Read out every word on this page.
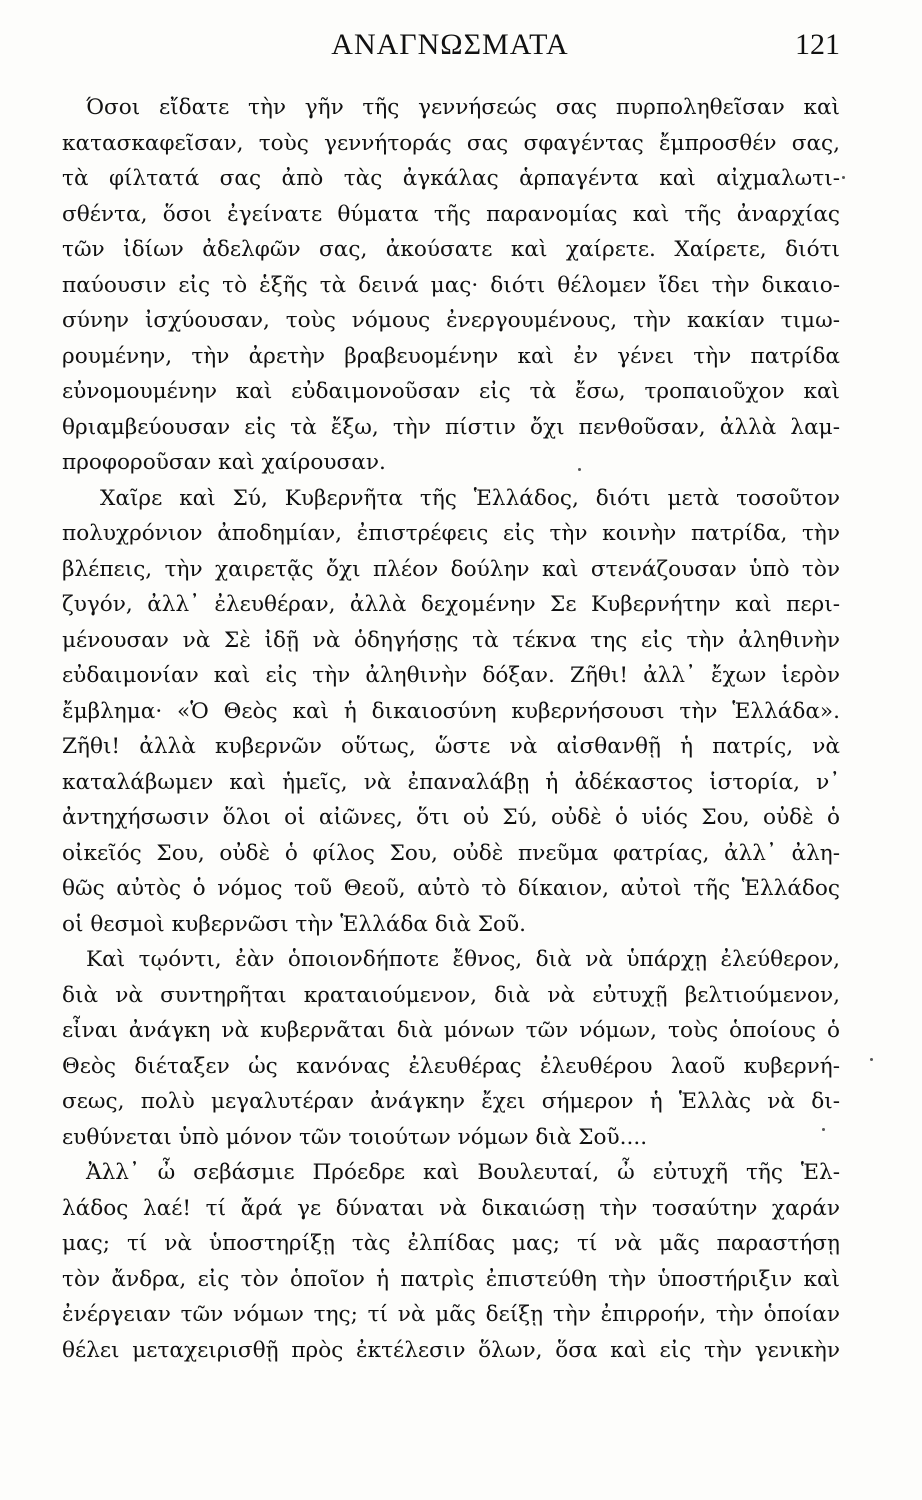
ΑΝΑΓΝΩΣΜΑΤΑ	121
Όσοι εἴδατε τὴν γῆν τῆς γεννήσεώς σας πυρποληθεῖσαν καὶ
κατασκαφεῖσαν, τοὺς γεννήτοράς σας σφαγέντας ἔμπροσθέν σας,
τὰ φίλτατά σας ἀπὸ τὰς ἀγκάλας ἁρπαγέντα καὶ αἰχμαλωτι-
σθέντα, ὅσοι ἐγείνατε θύματα τῆς παρανομίας καὶ τῆς ἀναρχίας
τῶν ἰδίων ἀδελφῶν σας, ἀκούσατε καὶ χαίρετε. Χαίρετε, διότι
παύουσιν εἰς τὸ ἑξῆς τὰ δεινά μας· διότι θέλομεν ἴδει τὴν δικαιο-
σύνην ἰσχύουσαν, τοὺς νόμους ἐνεργουμένους, τὴν κακίαν τιμω-
ρουμένην, τὴν ἀρετὴν βραβευομένην καὶ ἐν γένει τὴν πατρίδα
εὐνομουμένην καὶ εὐδαιμονοῦσαν εἰς τὰ ἔσω, τροπαιοῦχον καὶ
θριαμβεύουσαν εἰς τὰ ἔξω, τὴν πίστιν ὄχι πενθοῦσαν, ἀλλὰ λαμ-
προφοροῦσαν καὶ χαίρουσαν.
Χαῖρε καὶ Σύ, Κυβερνῆτα τῆς Ἑλλάδος, διότι μετὰ τοσοῦτον
πολυχρόνιον ἀποδημίαν, ἐπιστρέφεις εἰς τὴν κοινὴν πατρίδα, τὴν
βλέπεις, τὴν χαιρετᾷς ὄχι πλέον δούλην καὶ στενάζουσαν ὑπὸ τὸν
ζυγόν, ἀλλ᾽ ἐλευθέραν, ἀλλὰ δεχομένην Σε Κυβερνήτην καὶ περι-
μένουσαν νὰ Σὲ ἰδῇ νὰ ὁδηγήσῃς τὰ τέκνα της εἰς τὴν ἀληθινὴν
εὐδαιμονίαν καὶ εἰς τὴν ἀληθινὴν δόξαν. Ζῆθι! ἀλλ᾽ ἔχων ἱερὸν
ἔμβλημα· «Ὁ Θεὸς καὶ ἡ δικαιοσύνη κυβερνήσουσι τὴν Ἑλλάδα».
Ζῆθι! ἀλλὰ κυβερνῶν οὕτως, ὥστε νὰ αἰσθανθῇ ἡ πατρίς, νὰ
καταλάβωμεν καὶ ἡμεῖς, νὰ ἐπαναλάβῃ ἡ ἀδέκαστος ἱστορία, ν᾽
ἀντηχήσωσιν ὅλοι οἱ αἰῶνες, ὅτι οὐ Σύ, οὐδὲ ὁ υἱός Σου, οὐδὲ ὁ
οἰκεῖός Σου, οὐδὲ ὁ φίλος Σου, οὐδὲ πνεῦμα φατρίας, ἀλλ᾽ ἀλη-
θῶς αὐτὸς ὁ νόμος τοῦ Θεοῦ, αὐτὸ τὸ δίκαιον, αὐτοὶ τῆς Ἑλλάδος
οἱ θεσμοὶ κυβερνῶσι τὴν Ἑλλάδα διὰ Σοῦ.
Καὶ τῳόντι, ἐὰν ὁποιονδήποτε ἔθνος, διὰ νὰ ὑπάρχῃ ἐλεύθερον,
διὰ νὰ συντηρῆται κραταιούμενον, διὰ νὰ εὐτυχῇ βελτιούμενον,
εἶναι ἀνάγκη νὰ κυβερνᾶται διὰ μόνων τῶν νόμων, τοὺς ὁποίους ὁ
Θεὸς διέταξεν ὡς κανόνας ἐλευθέρας ἐλευθέρου λαοῦ κυβερνή-
σεως, πολὺ μεγαλυτέραν ἀνάγκην ἔχει σήμερον ἡ Ἑλλὰς νὰ δι-
ευθύνεται ὑπὸ μόνον τῶν τοιούτων νόμων διὰ Σοῦ....
Ἀλλ᾽ ὦ σεβάσμιε Πρόεδρε καὶ Βουλευταί, ὦ εὐτυχῆ τῆς Ἑλ-
λάδος λαέ! τί ἄρά γε δύναται νὰ δικαιώσῃ τὴν τοσαύτην χαράν
μας; τί νὰ ὑποστηρίξῃ τὰς ἐλπίδας μας; τί νὰ μᾶς παραστήσῃ
τὸν ἄνδρα, εἰς τὸν ὁποῖον ἡ πατρὶς ἐπιστεύθη τὴν ὑποστήριξιν καὶ
ἐνέργειαν τῶν νόμων της; τί νὰ μᾶς δείξῃ τὴν ἐπιρροήν, τὴν ὁποίαν
θέλει μεταχειρισθῇ πρὸς ἐκτέλεσιν ὅλων, ὅσα καὶ εἰς τὴν γενικὴν
